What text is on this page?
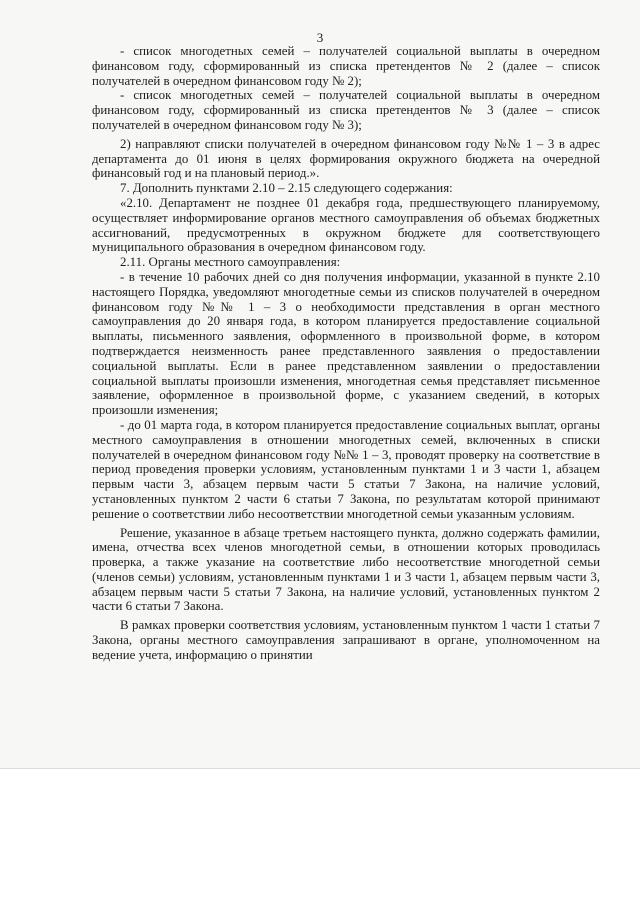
3

- список многодетных семей – получателей социальной выплаты в очередном финансовом году, сформированный из списка претендентов № 2 (далее – список получателей в очередном финансовом году № 2);

- список многодетных семей – получателей социальной выплаты в очередном финансовом году, сформированный из списка претендентов № 3 (далее – список получателей в очередном финансовом году № 3);

2) направляют списки получателей в очередном финансовом году №№ 1 – 3 в адрес департамента до 01 июня в целях формирования окружного бюджета на очередной финансовый год и на плановый период.».

7. Дополнить пунктами 2.10 – 2.15 следующего содержания:

«2.10. Департамент не позднее 01 декабря года, предшествующего планируемому, осуществляет информирование органов местного самоуправления об объемах бюджетных ассигнований, предусмотренных в окружном бюджете для соответствующего муниципального образования в очередном финансовом году.

2.11. Органы местного самоуправления:

- в течение 10 рабочих дней со дня получения информации, указанной в пункте 2.10 настоящего Порядка, уведомляют многодетные семьи из списков получателей в очередном финансовом году №№ 1 – 3 о необходимости представления в орган местного самоуправления до 20 января года, в котором планируется предоставление социальной выплаты, письменного заявления, оформленного в произвольной форме, в котором подтверждается неизменность ранее представленного заявления о предоставлении социальной выплаты. Если в ранее представленном заявлении о предоставлении социальной выплаты произошли изменения, многодетная семья представляет письменное заявление, оформленное в произвольной форме, с указанием сведений, в которых произошли изменения;

- до 01 марта года, в котором планируется предоставление социальных выплат, органы местного самоуправления в отношении многодетных семей, включенных в списки получателей в очередном финансовом году №№ 1 – 3, проводят проверку на соответствие в период проведения проверки условиям, установленным пунктами 1 и 3 части 1, абзацем первым части 3, абзацем первым части 5 статьи 7 Закона, на наличие условий, установленных пунктом 2 части 6 статьи 7 Закона, по результатам которой принимают решение о соответствии либо несоответствии многодетной семьи указанным условиям.

Решение, указанное в абзаце третьем настоящего пункта, должно содержать фамилии, имена, отчества всех членов многодетной семьи, в отношении которых проводилась проверка, а также указание на соответствие либо несоответствие многодетной семьи (членов семьи) условиям, установленным пунктами 1 и 3 части 1, абзацем первым части 3, абзацем первым части 5 статьи 7 Закона, на наличие условий, установленных пунктом 2 части 6 статьи 7 Закона.

В рамках проверки соответствия условиям, установленным пунктом 1 части 1 статьи 7 Закона, органы местного самоуправления запрашивают в органе, уполномоченном на ведение учета, информацию о принятии
